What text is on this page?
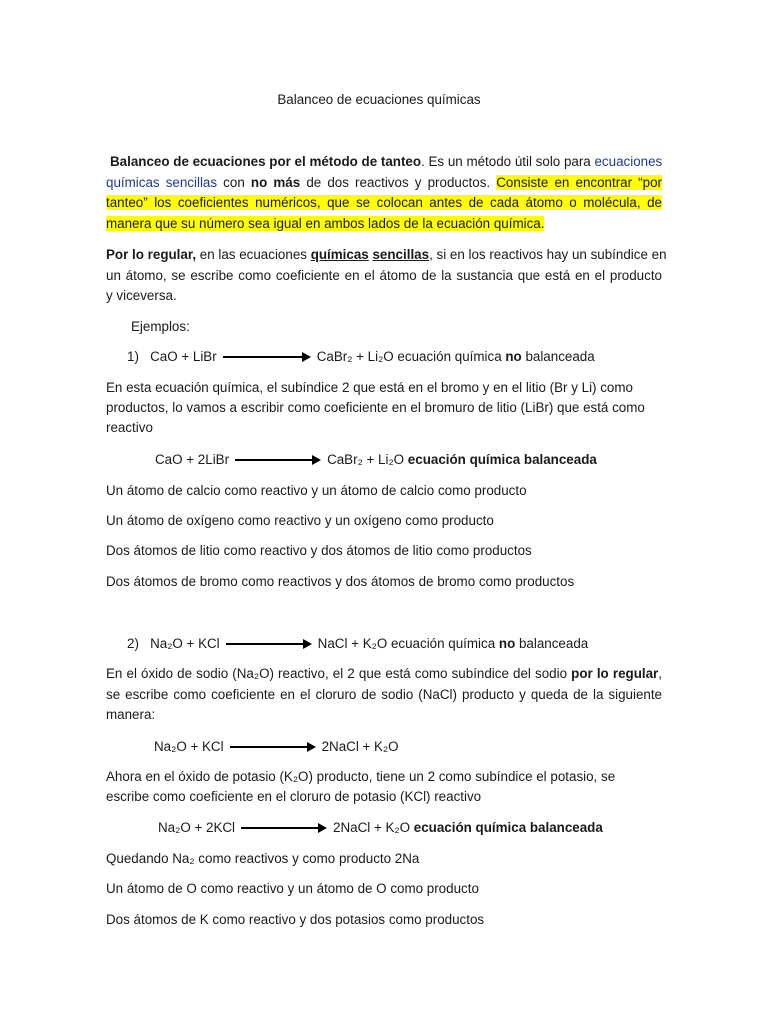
Balanceo de ecuaciones químicas
Balanceo de ecuaciones por el método de tanteo. Es un método útil solo para ecuaciones
químicas sencillas con no más de dos reactivos y productos. Consiste en encontrar “por
tanteo” los coeficientes numéricos, que se colocan antes de cada átomo o molécula, de
manera que su número sea igual en ambos lados de la ecuación química.
Por lo regular, en las ecuaciones químicas sencillas, si en los reactivos hay un subíndice en
un átomo, se escribe como coeficiente en el átomo de la sustancia que está en el producto
y viceversa.
Ejemplos:
1) CaO + LiBr	CaBr₂ + Li₂O ecuación química no balanceada
En esta ecuación química, el subíndice 2 que está en el bromo y en el litio (Br y Li) como
productos, lo vamos a escribir como coeficiente en el bromuro de litio (LiBr) que está como
reactivo
CaO + 2LiBr	CaBr₂ + Li₂O ecuación química balanceada
Un átomo de calcio como reactivo y un átomo de calcio como producto
Un átomo de oxígeno como reactivo y un oxígeno como producto
Dos átomos de litio como reactivo y dos átomos de litio como productos
Dos átomos de bromo como reactivos y dos átomos de bromo como productos
2) Na₂O + KCl	NaCl + K₂O ecuación química no balanceada
En el óxido de sodio (Na₂O) reactivo, el 2 que está como subíndice del sodio por lo regular,
se escribe como coeficiente en el cloruro de sodio (NaCl) producto y queda de la siguiente
manera:
Na₂O + KCl	2NaCl + K₂O
Ahora en el óxido de potasio (K₂O) producto, tiene un 2 como subíndice el potasio, se
escribe como coeficiente en el cloruro de potasio (KCl) reactivo
Na₂O + 2KCl	2NaCl + K₂O ecuación química balanceada
Quedando Na₂ como reactivos y como producto 2Na
Un átomo de O como reactivo y un átomo de O como producto
Dos átomos de K como reactivo y dos potasios como productos
